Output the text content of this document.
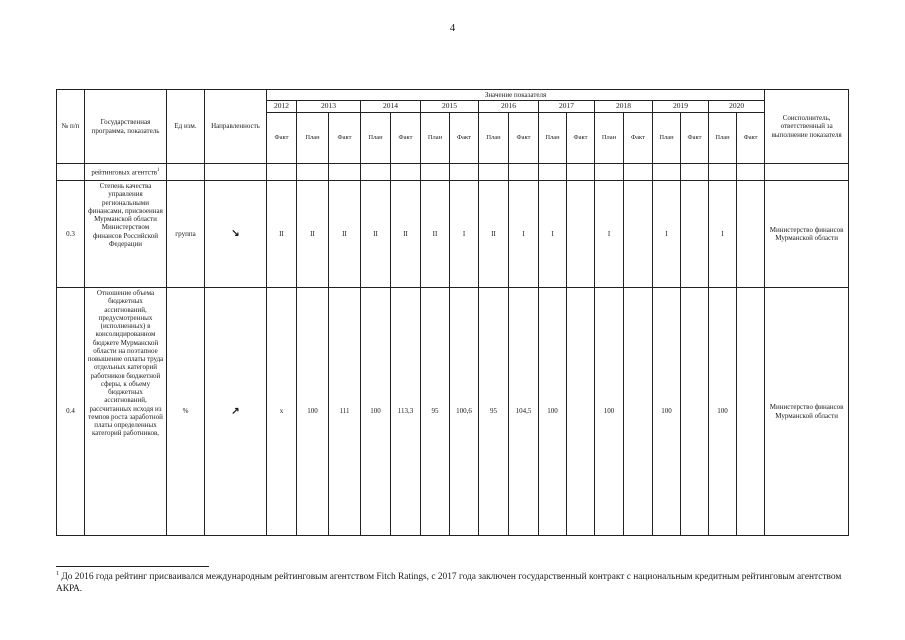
4
№ п/п	Государственная программа, показатель	Ед изм.	Направленность	Значение показателя																	Соисполнитель, ответственный за выполнение показателя
				2012	2013		2014		2015		2016		2017		2018		2019		2020		
				Факт	План	Факт	План	Факт	План	Факт	План	Факт	План	Факт	План	Факт	План	Факт	План	Факт	
	рейтинговых агентств$^1$																				
0.3	Степень качества управления региональными финансами, присвоенная Мурманской области Министерством финансов Российской Федерации	группа	↘	II	II	II	II	II	II	I	II	I	I		I		I		I		Министерство финансов Мурманской области
0.4	Отношение объема бюджетных ассигнований, предусмотренных (исполненных) в консолидированном бюджете Мурманской области на поэтапное повышение оплаты труда отдельных категорий работников бюджетной сферы, к объему бюджетных ассигнований, рассчитанных исходя из темпов роста заработной платы определенных категорий работников,	%	↗	x	100	111	100	113,3	95	100,6	95	104,5	100		100		100		100		Министерство финансов Мурманской области
$^1$ До 2016 года рейтинг присваивался международным рейтинговым агентством Fitch Ratings, с 2017 года заключен государственный контракт с национальным кредитным рейтинговым агентством АКРА.
